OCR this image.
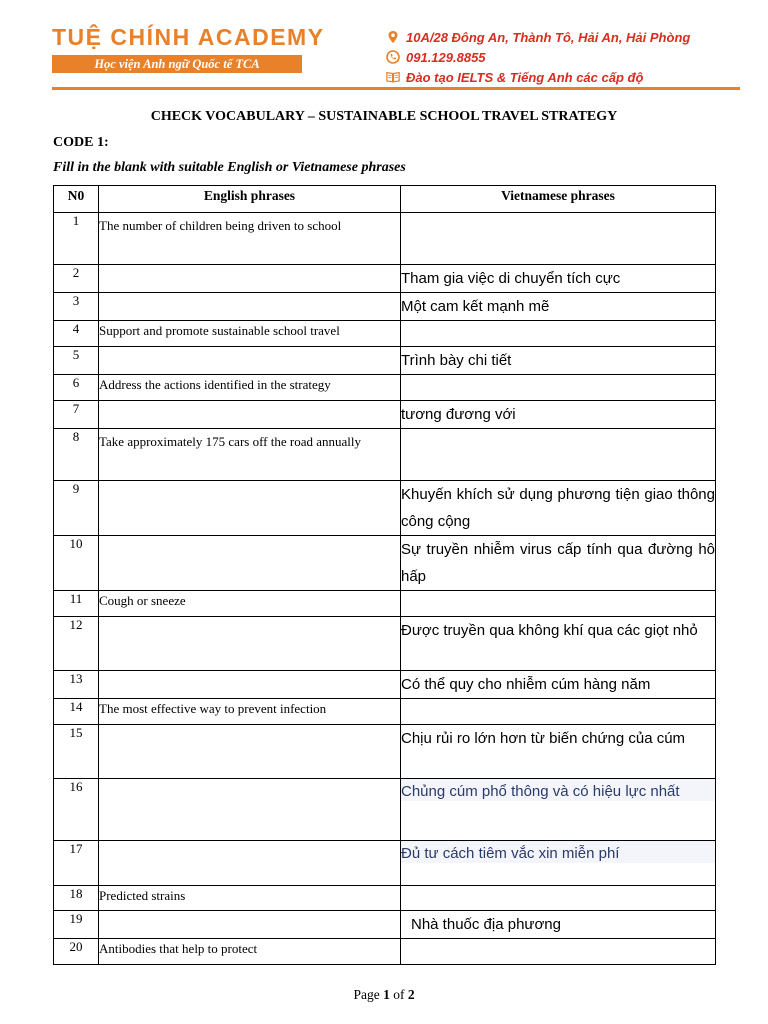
TUỆ CHÍNH ACADEMY
Học viện Anh ngữ Quốc tế TCA
10A/28 Đông An, Thành Tô, Hải An, Hải Phòng
091.129.8855
Đào tạo IELTS & Tiếng Anh các cấp độ
CHECK VOCABULARY – SUSTAINABLE SCHOOL TRAVEL STRATEGY
CODE 1:
Fill in the blank with suitable English or Vietnamese phrases
N0	English phrases	Vietnamese phrases
1	The number of children being driven to school	
2		Tham gia việc di chuyển tích cực
3		Một cam kết mạnh mẽ
4	Support and promote sustainable school travel	
5		Trình bày chi tiết
6	Address the actions identified in the strategy	
7		tương đương với
8	Take approximately 175 cars off the road annually	
9		Khuyến khích sử dụng phương tiện giao thông công cộng
10		Sự truyền nhiễm virus cấp tính qua đường hô hấp
11	Cough or sneeze	
12		Được truyền qua không khí qua các giọt nhỏ
13		Có thể quy cho nhiễm cúm hàng năm
14	The most effective way to prevent infection	
15		Chịu rủi ro lớn hơn từ biến chứng của cúm
16		Chủng cúm phổ thông và có hiệu lực nhất

17		Đủ tư cách tiêm vắc xin miễn phí

18	Predicted strains	
19		Nhà thuốc địa phương
20	Antibodies that help to protect	
Page 1 of 2
